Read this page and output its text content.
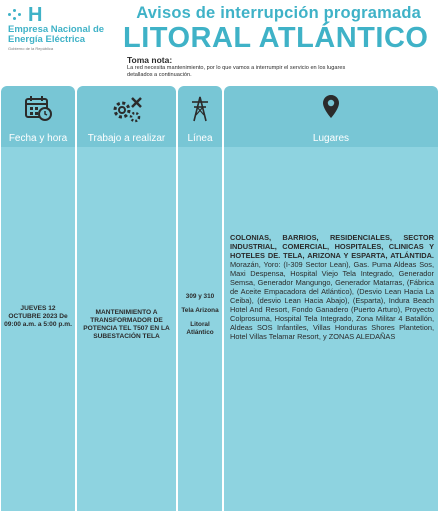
H
Empresa Nacional de Energía Eléctrica
Gobierno de la República
Avisos de interrupción programada
LITORAL ATLÁNTICO
Toma nota:
La red necesita mantenimiento, por lo que vamos a interrumpir el servicio en los lugares detallados a continuación.
Fecha y hora
JUEVES 12 OCTUBRE 2023 De 09:00 a.m. a 5:00 p.m.
Trabajo a realizar
MANTENIMIENTO A TRANSFORMADOR DE POTENCIA TEL T507 EN LA SUBESTACIÓN TELA
Línea
309 y 310
Tela Arizona
Litoral Atlántico
Lugares
COLONIAS, BARRIOS, RESIDENCIALES, SECTOR INDUSTRIAL, COMERCIAL, HOSPITALES, CLINICAS Y HOTELES DE. TELA, ARIZONA Y ESPARTA, ATLÁNTIDA. Morazán, Yoro: (I-309 Sector Lean), Gas. Puma Aldeas Sos, Maxi Despensa, Hospital Viejo Tela Integrado, Generador Semsa, Generador Mangungo, Generador Matarras, (Fábrica de Aceite Empacadora del Atlántico), (Desvio Lean Hacia La Ceiba), (desvio Lean Hacia Abajo), (Esparta), Indura Beach Hotel And Resort, Fondo Ganadero (Puerto Arturo), Proyecto Colprosuma, Hospital Tela Integrado, Zona Militar 4 Batallón, Aldeas SOS Infantiles, Villas Honduras Shores Plantetion, Hotel Villas Telamar Resort, y ZONAS ALEDAÑAS
